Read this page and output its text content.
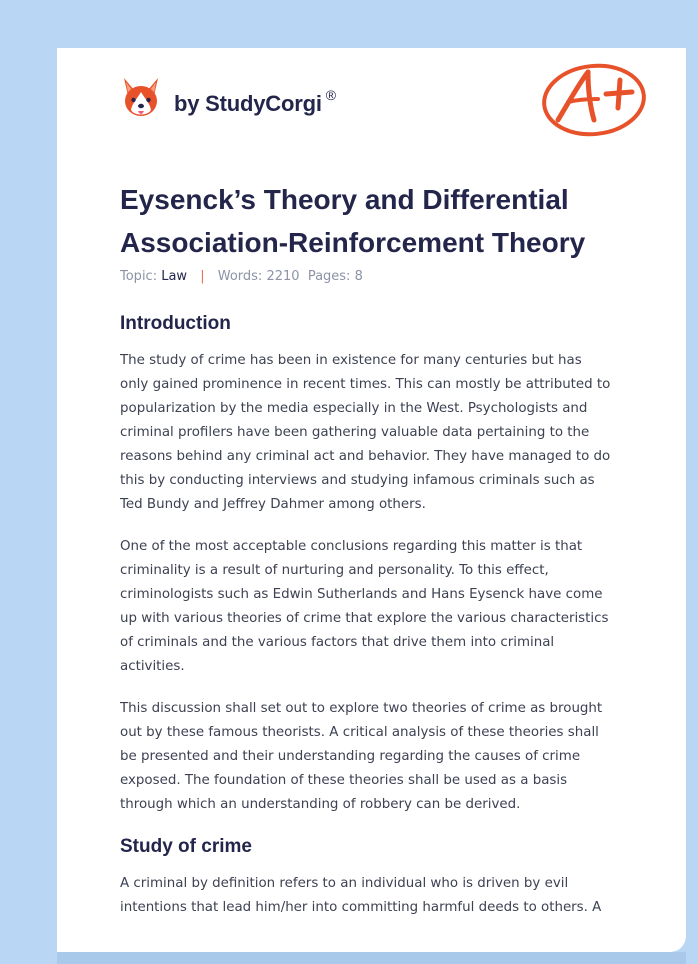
by StudyCorgi ®
Eysenck’s Theory and Differential
Association-Reinforcement Theory
Topic: Law | Words: 2210 Pages: 8
Introduction

The study of crime has been in existence for many centuries but has
only gained prominence in recent times. This can mostly be attributed to
popularization by the media especially in the West. Psychologists and
criminal profilers have been gathering valuable data pertaining to the
reasons behind any criminal act and behavior. They have managed to do
this by conducting interviews and studying infamous criminals such as
Ted Bundy and Jeffrey Dahmer among others.

One of the most acceptable conclusions regarding this matter is that
criminality is a result of nurturing and personality. To this effect,
criminologists such as Edwin Sutherlands and Hans Eysenck have come
up with various theories of crime that explore the various characteristics
of criminals and the various factors that drive them into criminal
activities.

This discussion shall set out to explore two theories of crime as brought
out by these famous theorists. A critical analysis of these theories shall
be presented and their understanding regarding the causes of crime
exposed. The foundation of these theories shall be used as a basis
through which an understanding of robbery can be derived.

Study of crime

A criminal by definition refers to an individual who is driven by evil
intentions that lead him/her into committing harmful deeds to others. A
